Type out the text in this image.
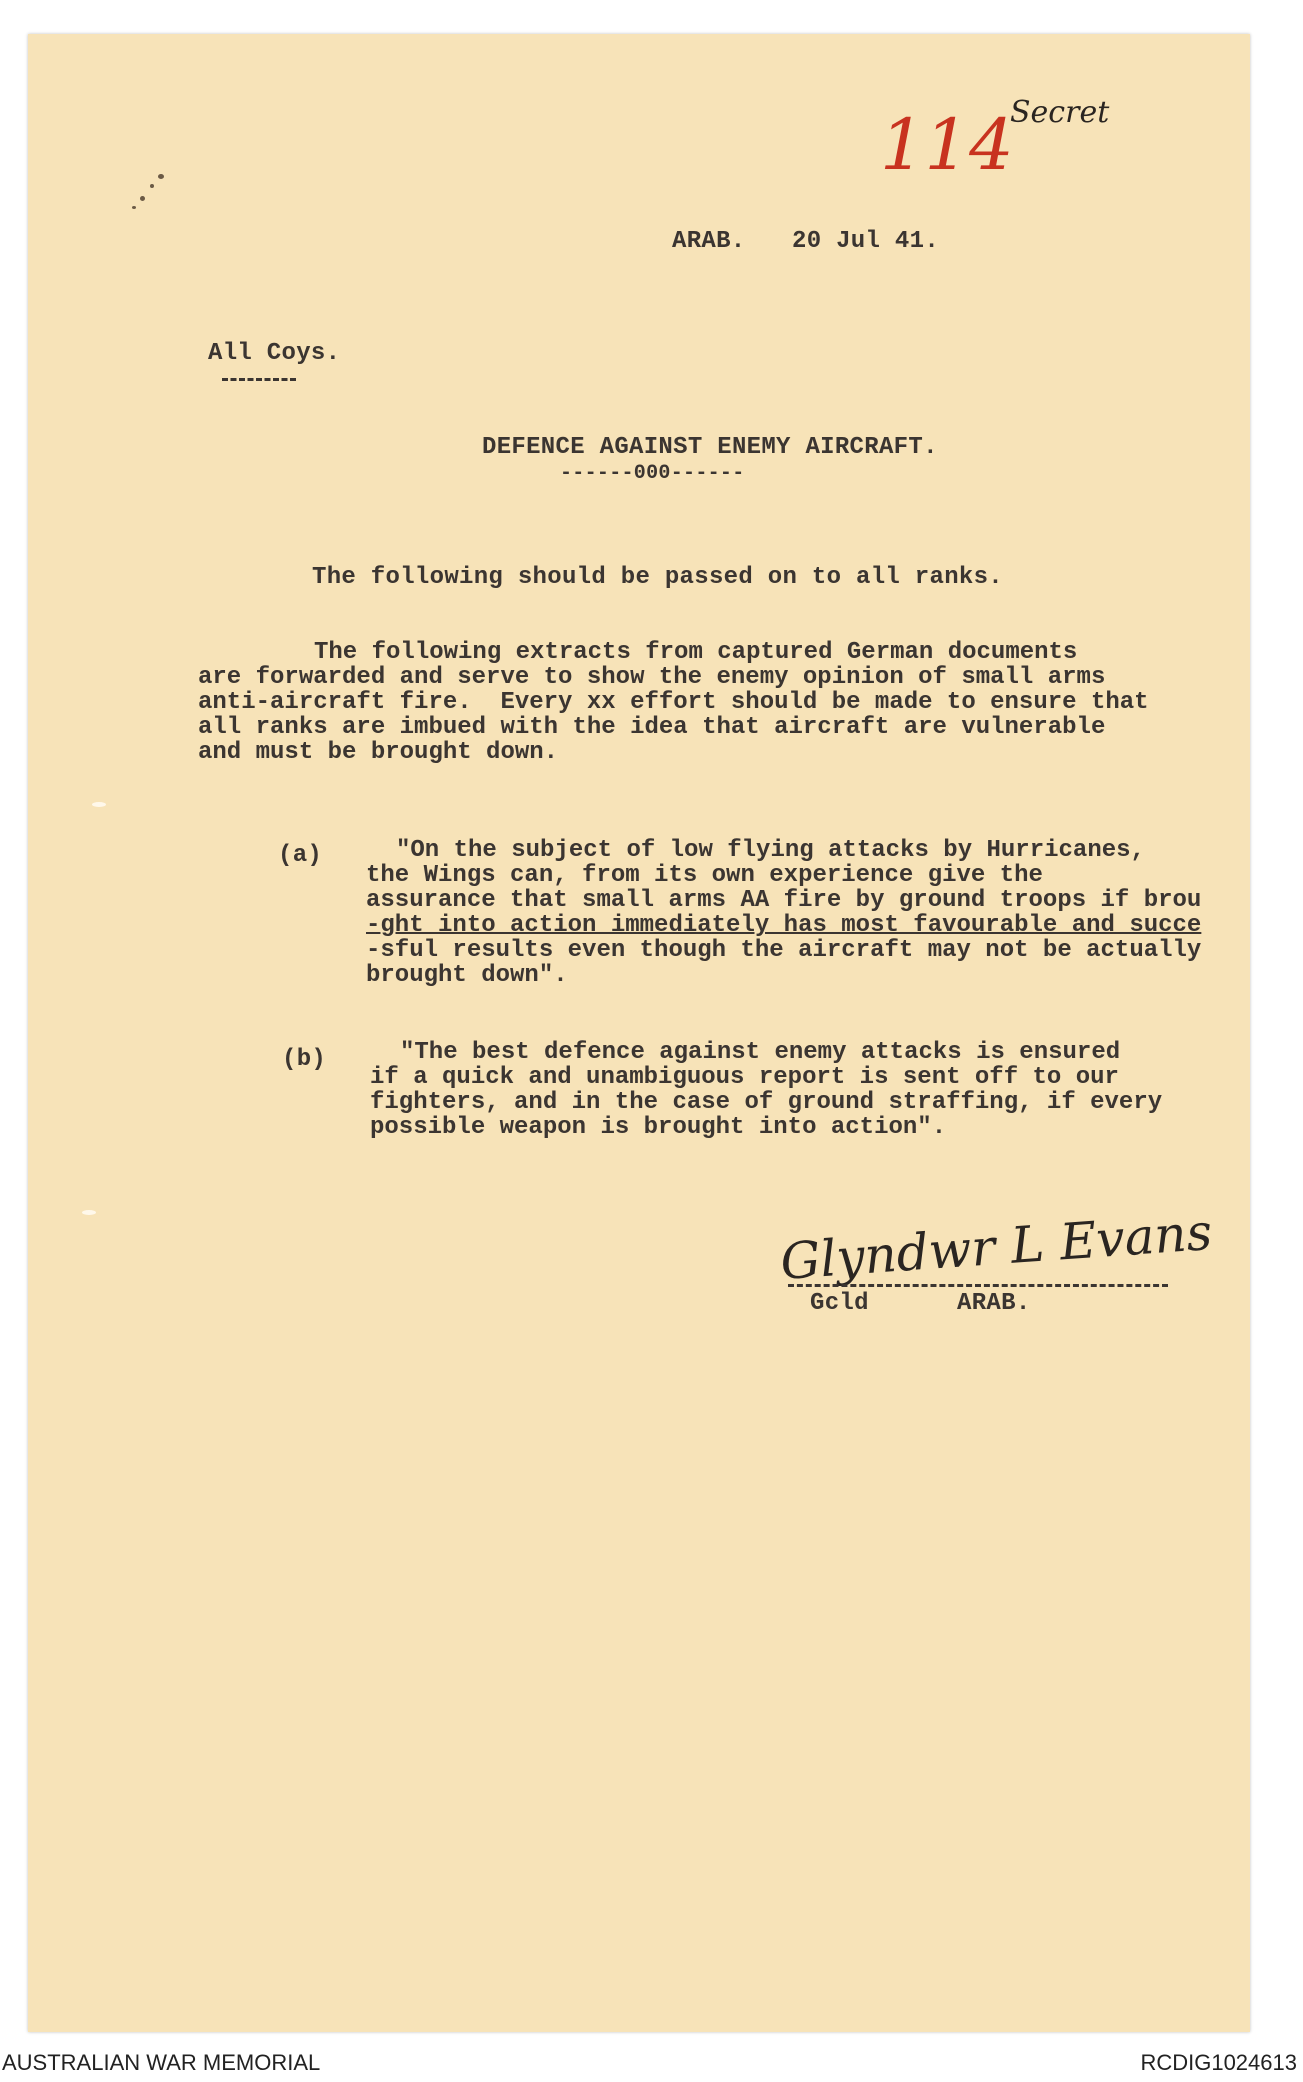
114
Secret
ARAB. 20 Jul 41.
All Coys.
DEFENCE AGAINST ENEMY AIRCRAFT.
------000------
The following should be passed on to all ranks.
The following extracts from captured German documents
are forwarded and serve to show the enemy opinion of small arms
anti-aircraft fire.  Every xx effort should be made to ensure that
all ranks are imbued with the idea that aircraft are vulnerable
and must be brought down.
(a)	"On the subject of low flying attacks by Hurricanes,
the Wings can, from its own experience give the
assurance that small arms AA fire by ground troops if brou
-ght into action immediately has most favourable and succe
-sful results even though the aircraft may not be actually
brought down".
(b)	"The best defence against enemy attacks is ensured
if a quick and unambiguous report is sent off to our
fighters, and in the case of ground straffing, if every
possible weapon is brought into action".
Glyndwr L Evans
Gcld      ARAB.
AUSTRALIAN WAR MEMORIAL	RCDIG1024613
